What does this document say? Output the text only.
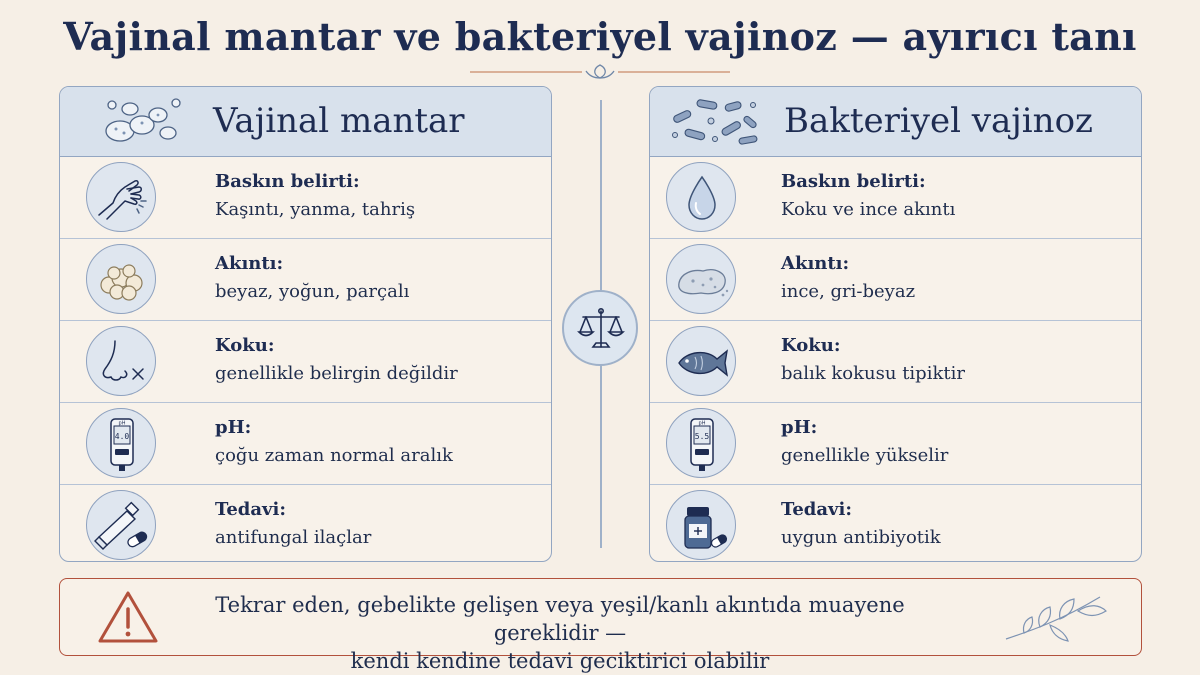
Vajinal mantar ve bakteriyel vajinoz — ayırıcı tanı
Vajinal mantar
Baskın belirti:
Kaşıntı, yanma, tahriş
Akıntı:
beyaz, yoğun, parçalı
Koku:
genellikle belirgin değildir
pH
4.0	pH:
çoğu zaman normal aralık
Tedavi:
antifungal ilaçlar
Bakteriyel vajinoz
Baskın belirti:
Koku ve ince akıntı
Akıntı:
ince, gri-beyaz
Koku:
balık kokusu tipiktir
pH
5.5	pH:
genellikle yükselir
Tedavi:
uygun antibiyotik
Tekrar eden, gebelikte gelişen veya yeşil/kanlı akıntıda muayene gereklidir —
kendi kendine tedavi geciktirici olabilir
